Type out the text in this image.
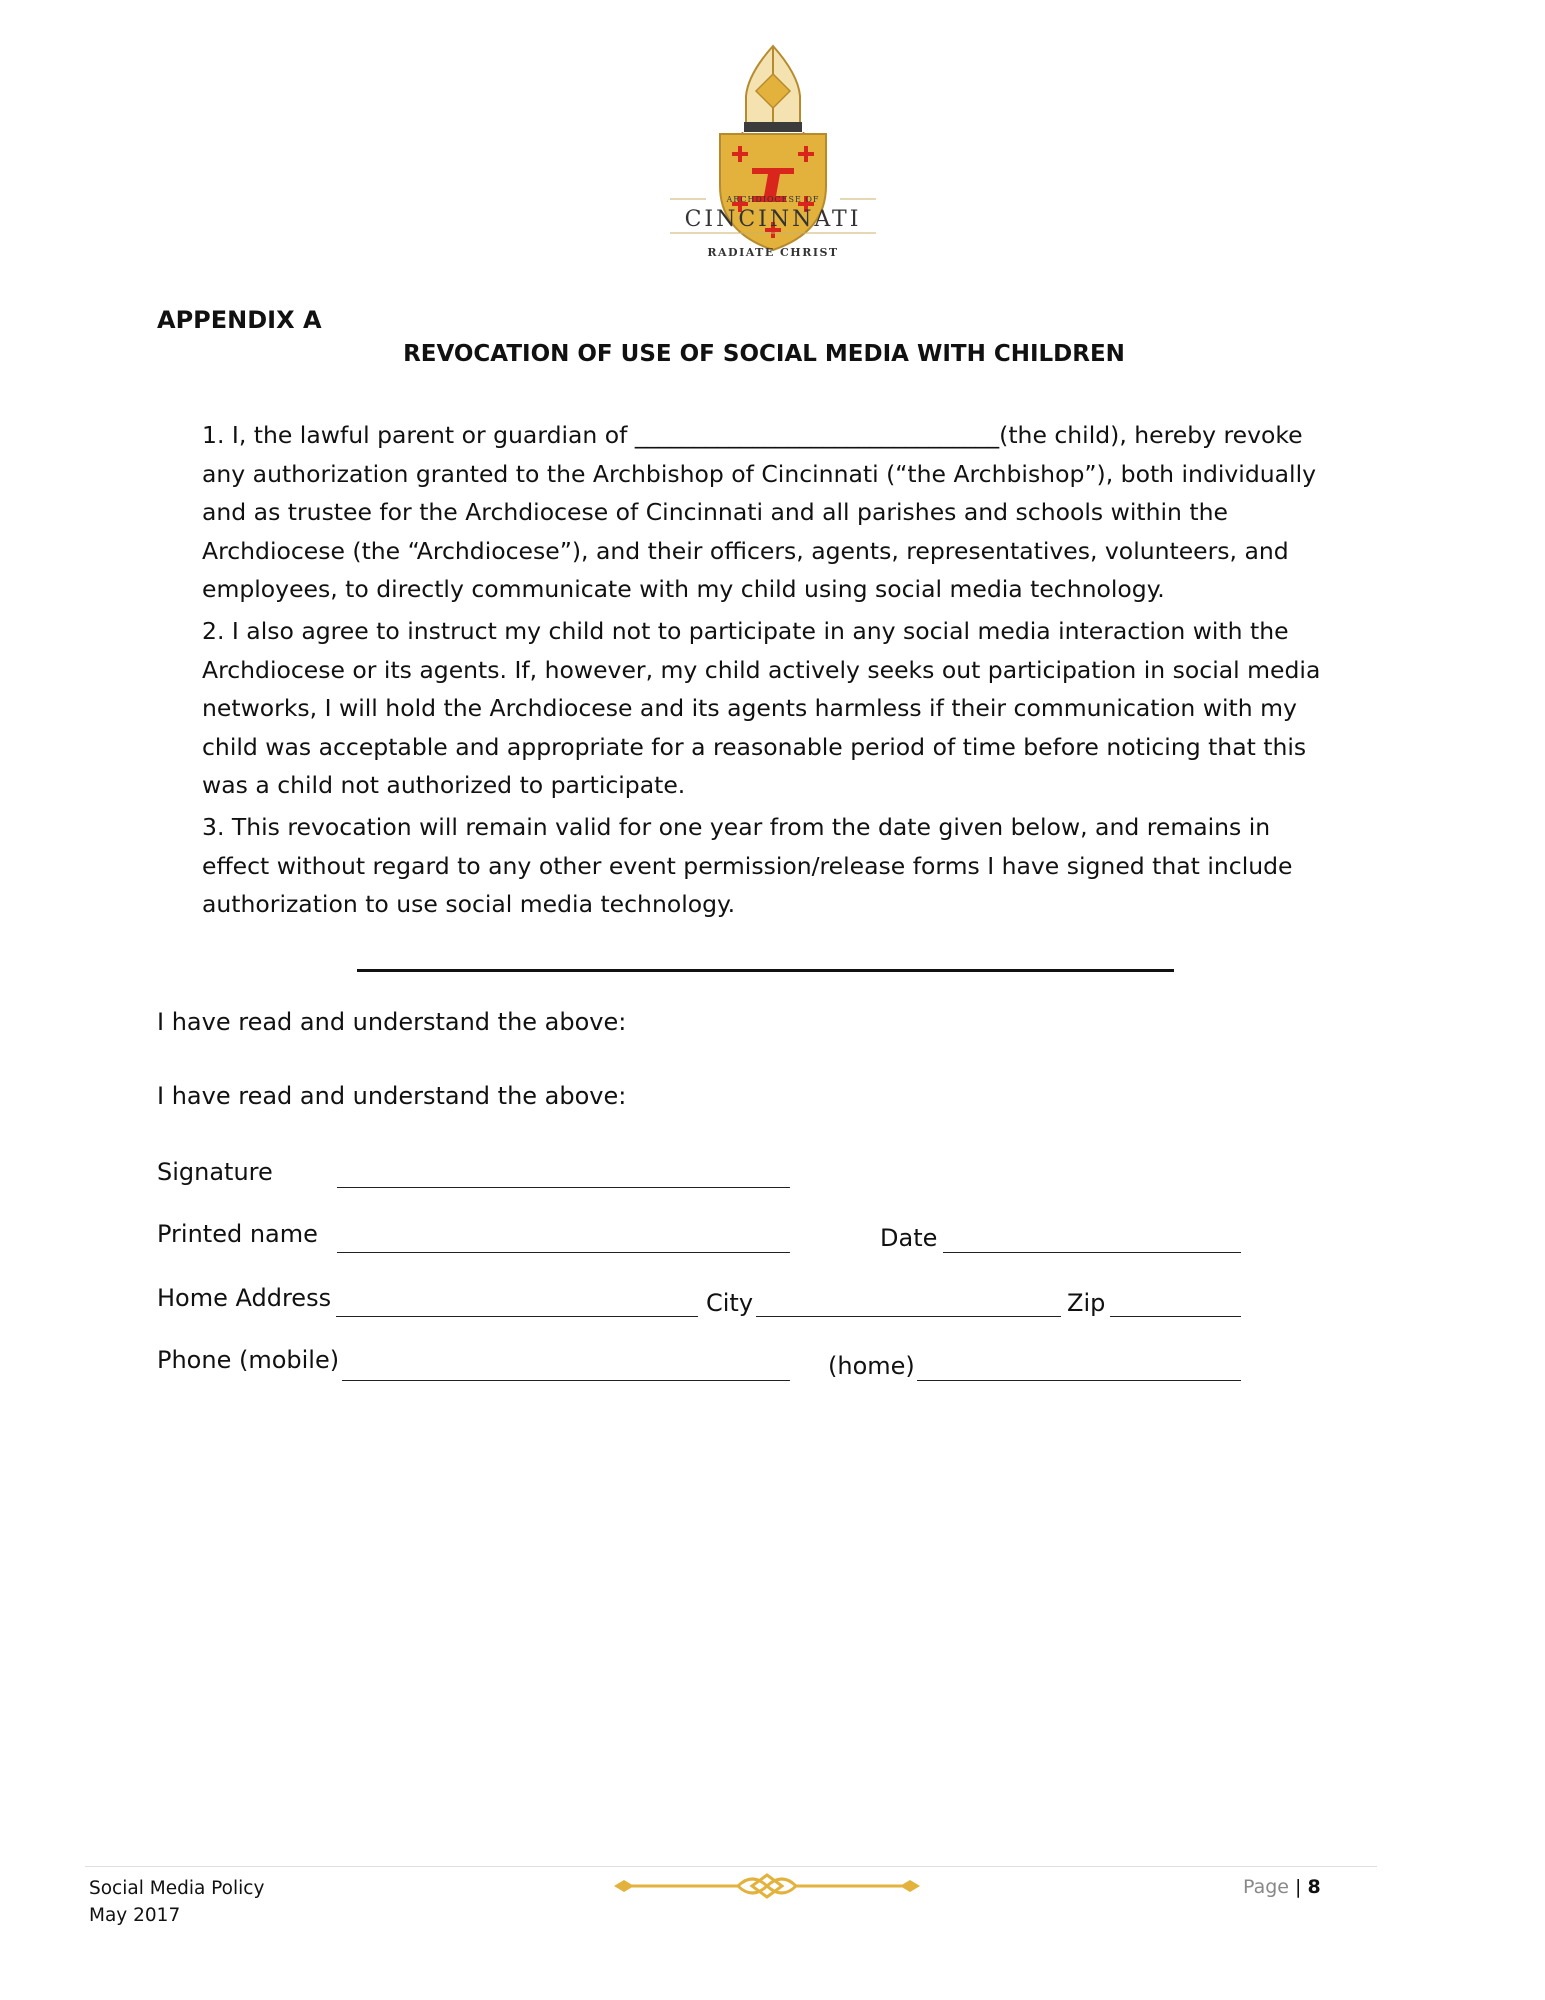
ARCHDIOCESE OF
CINCINNATI
RADIATE CHRIST
APPENDIX A
REVOCATION OF USE OF SOCIAL MEDIA WITH CHILDREN

1. I, the lawful parent or guardian of _______________________________(the child), hereby revoke any authorization granted to the Archbishop of Cincinnati (“the Archbishop”), both individually and as trustee for the Archdiocese of Cincinnati and all parishes and schools within the Archdiocese (the “Archdiocese”), and their officers, agents, representatives, volunteers, and employees, to directly communicate with my child using social media technology.

2. I also agree to instruct my child not to participate in any social media interaction with the Archdiocese or its agents. If, however, my child actively seeks out participation in social media networks, I will hold the Archdiocese and its agents harmless if their communication with my child was acceptable and appropriate for a reasonable period of time before noticing that this was a child not authorized to participate.

3. This revocation will remain valid for one year from the date given below, and remains in effect without regard to any other event permission/release forms I have signed that include authorization to use social media technology.

I have read and understand the above:
I have read and understand the above:
Signature
Printed name	Date
Home Address	City	Zip
Phone (mobile)	(home)
Social Media Policy
May 2017
Page | 8
